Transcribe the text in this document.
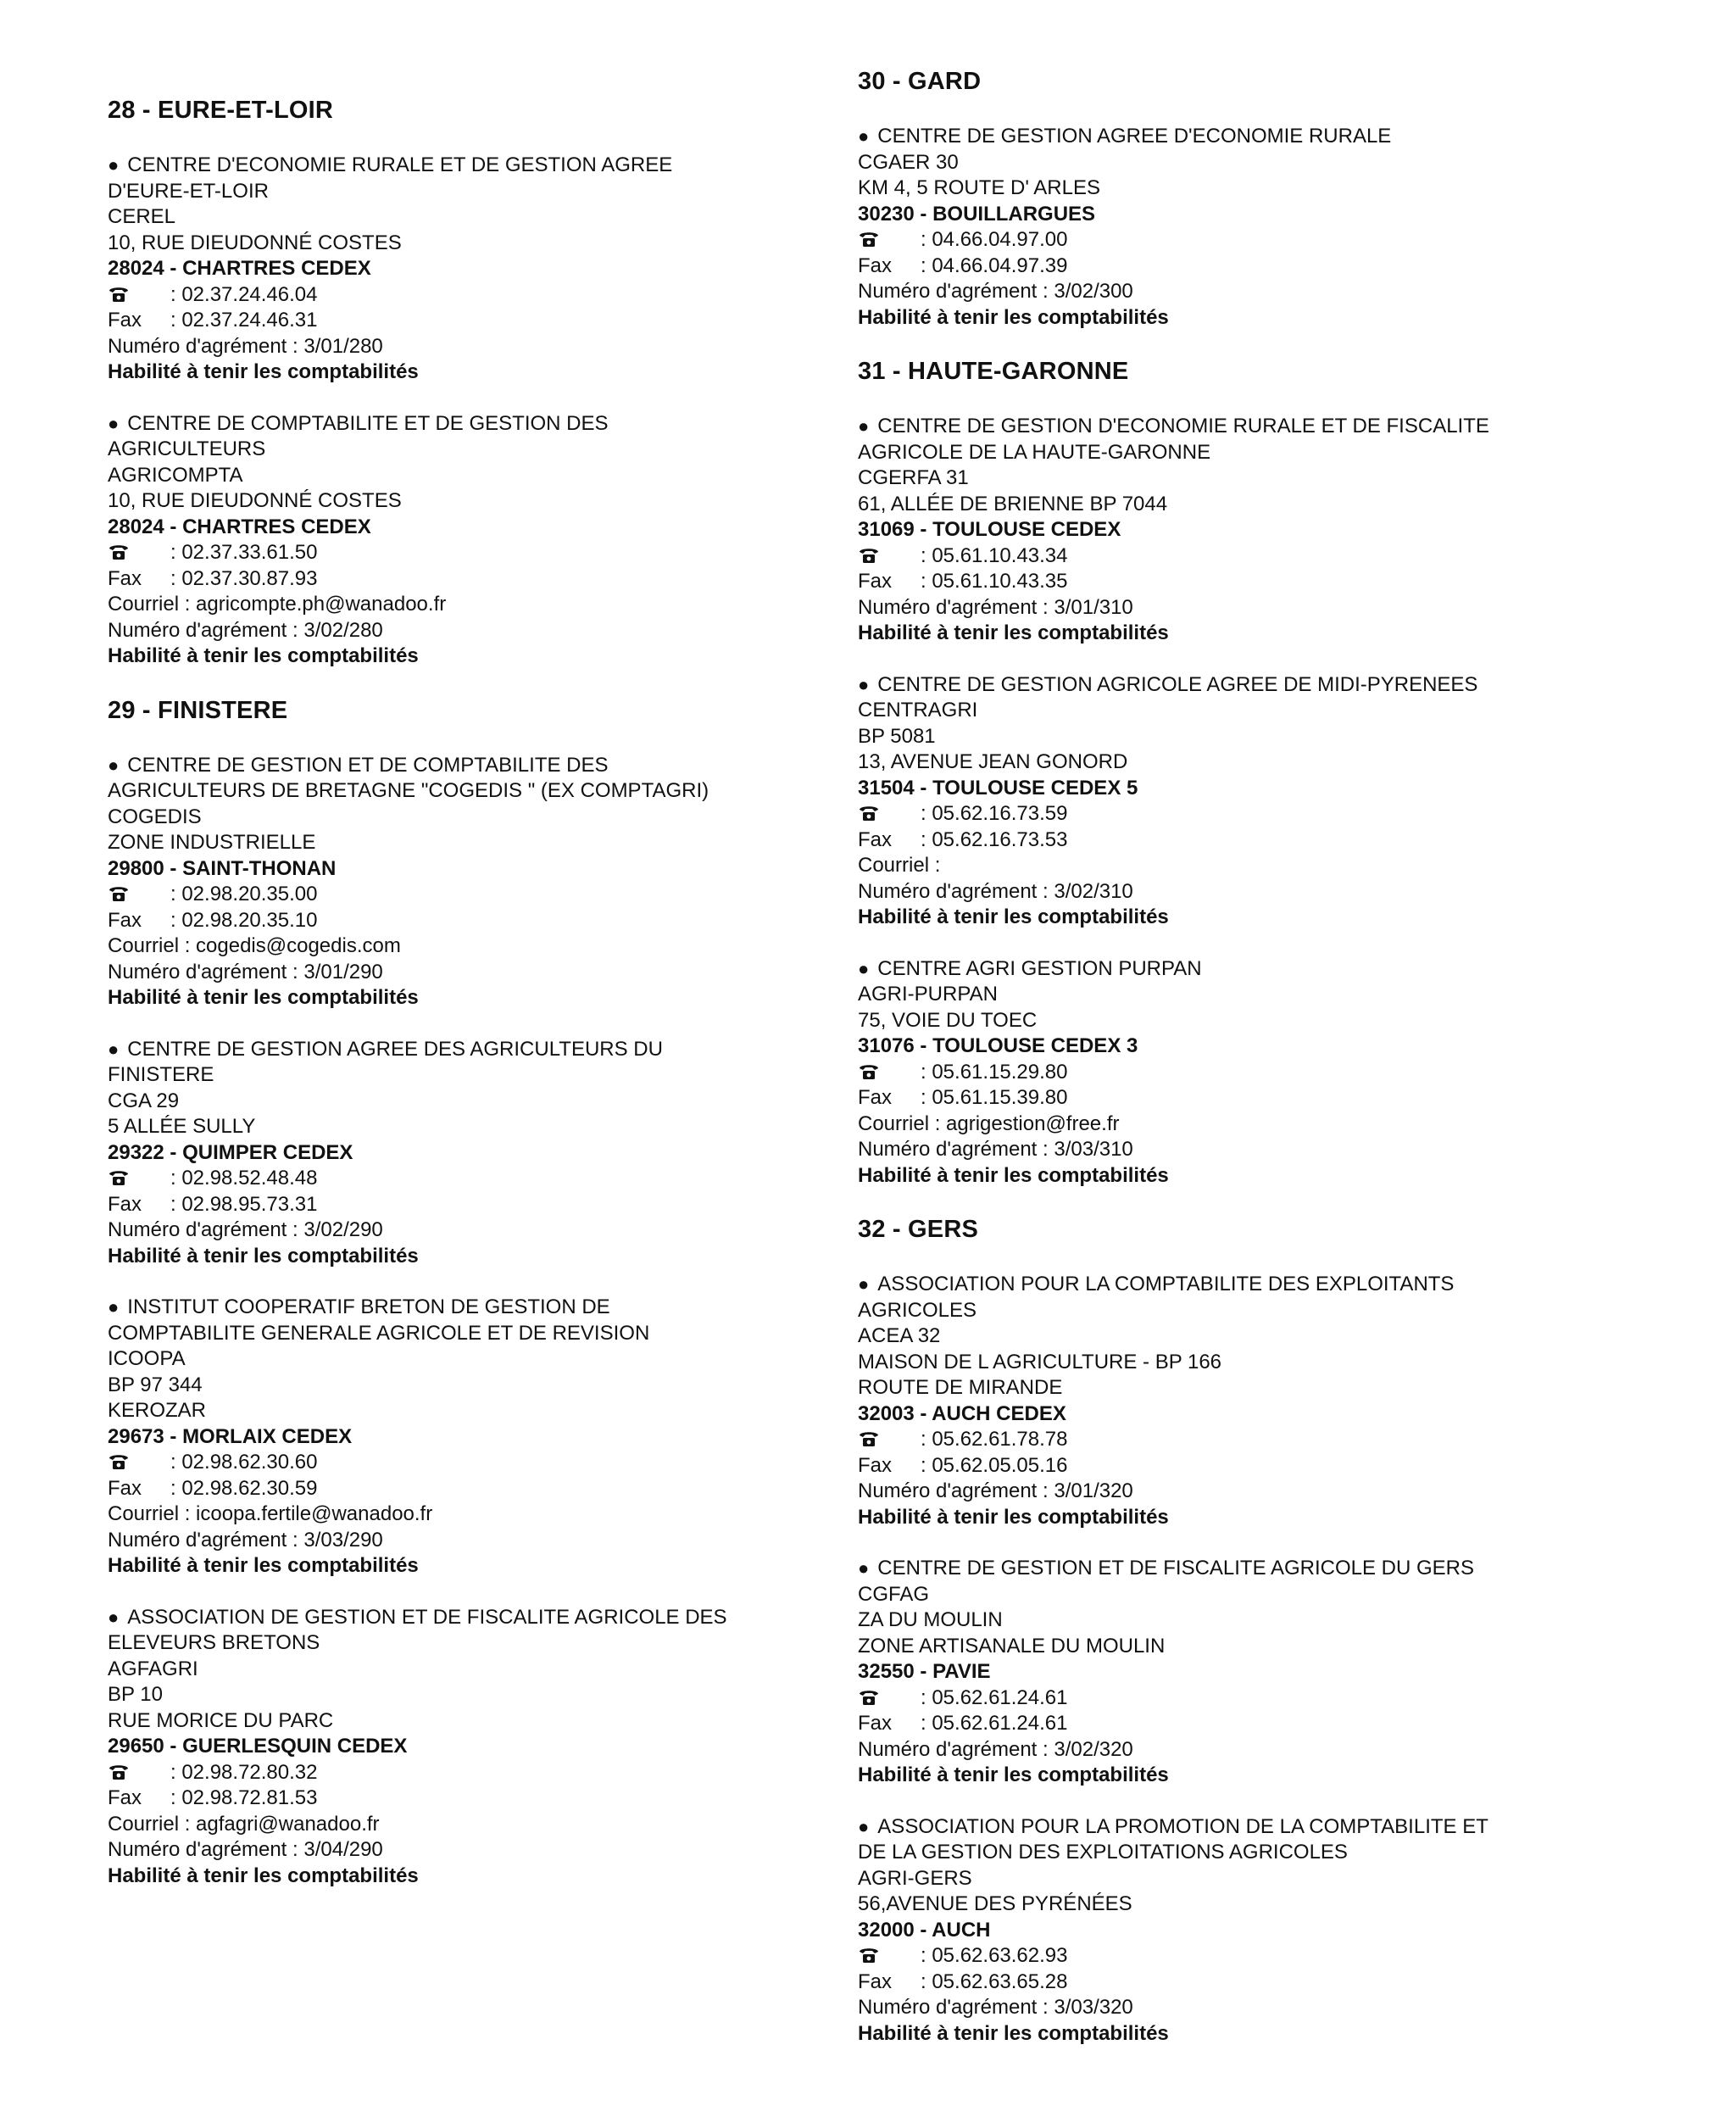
28 - EURE-ET-LOIR
● CENTRE D'ECONOMIE RURALE ET DE GESTION AGREE
D'EURE-ET-LOIR
CEREL
10, RUE DIEUDONNÉ COSTES
28024 - CHARTRES CEDEX
: 02.37.24.46.04
Fax : 02.37.24.46.31
Numéro d'agrément : 3/01/280
Habilité à tenir les comptabilités
● CENTRE DE COMPTABILITE ET DE GESTION DES
AGRICULTEURS
AGRICOMPTA
10, RUE DIEUDONNÉ COSTES
28024 - CHARTRES CEDEX
: 02.37.33.61.50
Fax : 02.37.30.87.93
Courriel : agricompte.ph@wanadoo.fr
Numéro d'agrément : 3/02/280
Habilité à tenir les comptabilités
29 - FINISTERE
● CENTRE DE GESTION ET DE COMPTABILITE DES
AGRICULTEURS DE BRETAGNE "COGEDIS " (EX COMPTAGRI)
COGEDIS
ZONE INDUSTRIELLE
29800 - SAINT-THONAN
: 02.98.20.35.00
Fax : 02.98.20.35.10
Courriel : cogedis@cogedis.com
Numéro d'agrément : 3/01/290
Habilité à tenir les comptabilités
● CENTRE DE GESTION AGREE DES AGRICULTEURS DU
FINISTERE
CGA 29
5 ALLÉE SULLY
29322 - QUIMPER CEDEX
: 02.98.52.48.48
Fax : 02.98.95.73.31
Numéro d'agrément : 3/02/290
Habilité à tenir les comptabilités
● INSTITUT COOPERATIF BRETON DE GESTION DE
COMPTABILITE GENERALE AGRICOLE ET DE REVISION
ICOOPA
BP 97 344
KEROZAR
29673 - MORLAIX CEDEX
: 02.98.62.30.60
Fax : 02.98.62.30.59
Courriel : icoopa.fertile@wanadoo.fr
Numéro d'agrément : 3/03/290
Habilité à tenir les comptabilités
● ASSOCIATION DE GESTION ET DE FISCALITE AGRICOLE DES
ELEVEURS BRETONS
AGFAGRI
BP 10
RUE MORICE DU PARC
29650 - GUERLESQUIN CEDEX
: 02.98.72.80.32
Fax : 02.98.72.81.53
Courriel : agfagri@wanadoo.fr
Numéro d'agrément : 3/04/290
Habilité à tenir les comptabilités
30 - GARD
● CENTRE DE GESTION AGREE D'ECONOMIE RURALE
CGAER 30
KM 4, 5 ROUTE D' ARLES
30230 - BOUILLARGUES
: 04.66.04.97.00
Fax : 04.66.04.97.39
Numéro d'agrément : 3/02/300
Habilité à tenir les comptabilités
31 - HAUTE-GARONNE
● CENTRE DE GESTION D'ECONOMIE RURALE ET DE FISCALITE
AGRICOLE DE LA HAUTE-GARONNE
CGERFA 31
61, ALLÉE DE BRIENNE BP 7044
31069 - TOULOUSE CEDEX
: 05.61.10.43.34
Fax : 05.61.10.43.35
Numéro d'agrément : 3/01/310
Habilité à tenir les comptabilités
● CENTRE DE GESTION AGRICOLE AGREE DE MIDI-PYRENEES
CENTRAGRI
BP 5081
13, AVENUE JEAN GONORD
31504 - TOULOUSE CEDEX 5
: 05.62.16.73.59
Fax : 05.62.16.73.53
Courriel :
Numéro d'agrément : 3/02/310
Habilité à tenir les comptabilités
● CENTRE AGRI GESTION PURPAN
AGRI-PURPAN
75, VOIE DU TOEC
31076 - TOULOUSE CEDEX 3
: 05.61.15.29.80
Fax : 05.61.15.39.80
Courriel : agrigestion@free.fr
Numéro d'agrément : 3/03/310
Habilité à tenir les comptabilités
32 - GERS
● ASSOCIATION POUR LA COMPTABILITE DES EXPLOITANTS
AGRICOLES
ACEA 32
MAISON DE L AGRICULTURE - BP 166
ROUTE DE MIRANDE
32003 - AUCH CEDEX
: 05.62.61.78.78
Fax : 05.62.05.05.16
Numéro d'agrément : 3/01/320
Habilité à tenir les comptabilités
● CENTRE DE GESTION ET DE FISCALITE AGRICOLE DU GERS
CGFAG
ZA DU MOULIN
ZONE ARTISANALE DU MOULIN
32550 - PAVIE
: 05.62.61.24.61
Fax : 05.62.61.24.61
Numéro d'agrément : 3/02/320
Habilité à tenir les comptabilités
● ASSOCIATION POUR LA PROMOTION DE LA COMPTABILITE ET
DE LA GESTION DES EXPLOITATIONS AGRICOLES
AGRI-GERS
56,AVENUE DES PYRÉNÉES
32000 - AUCH
: 05.62.63.62.93
Fax : 05.62.63.65.28
Numéro d'agrément : 3/03/320
Habilité à tenir les comptabilités
